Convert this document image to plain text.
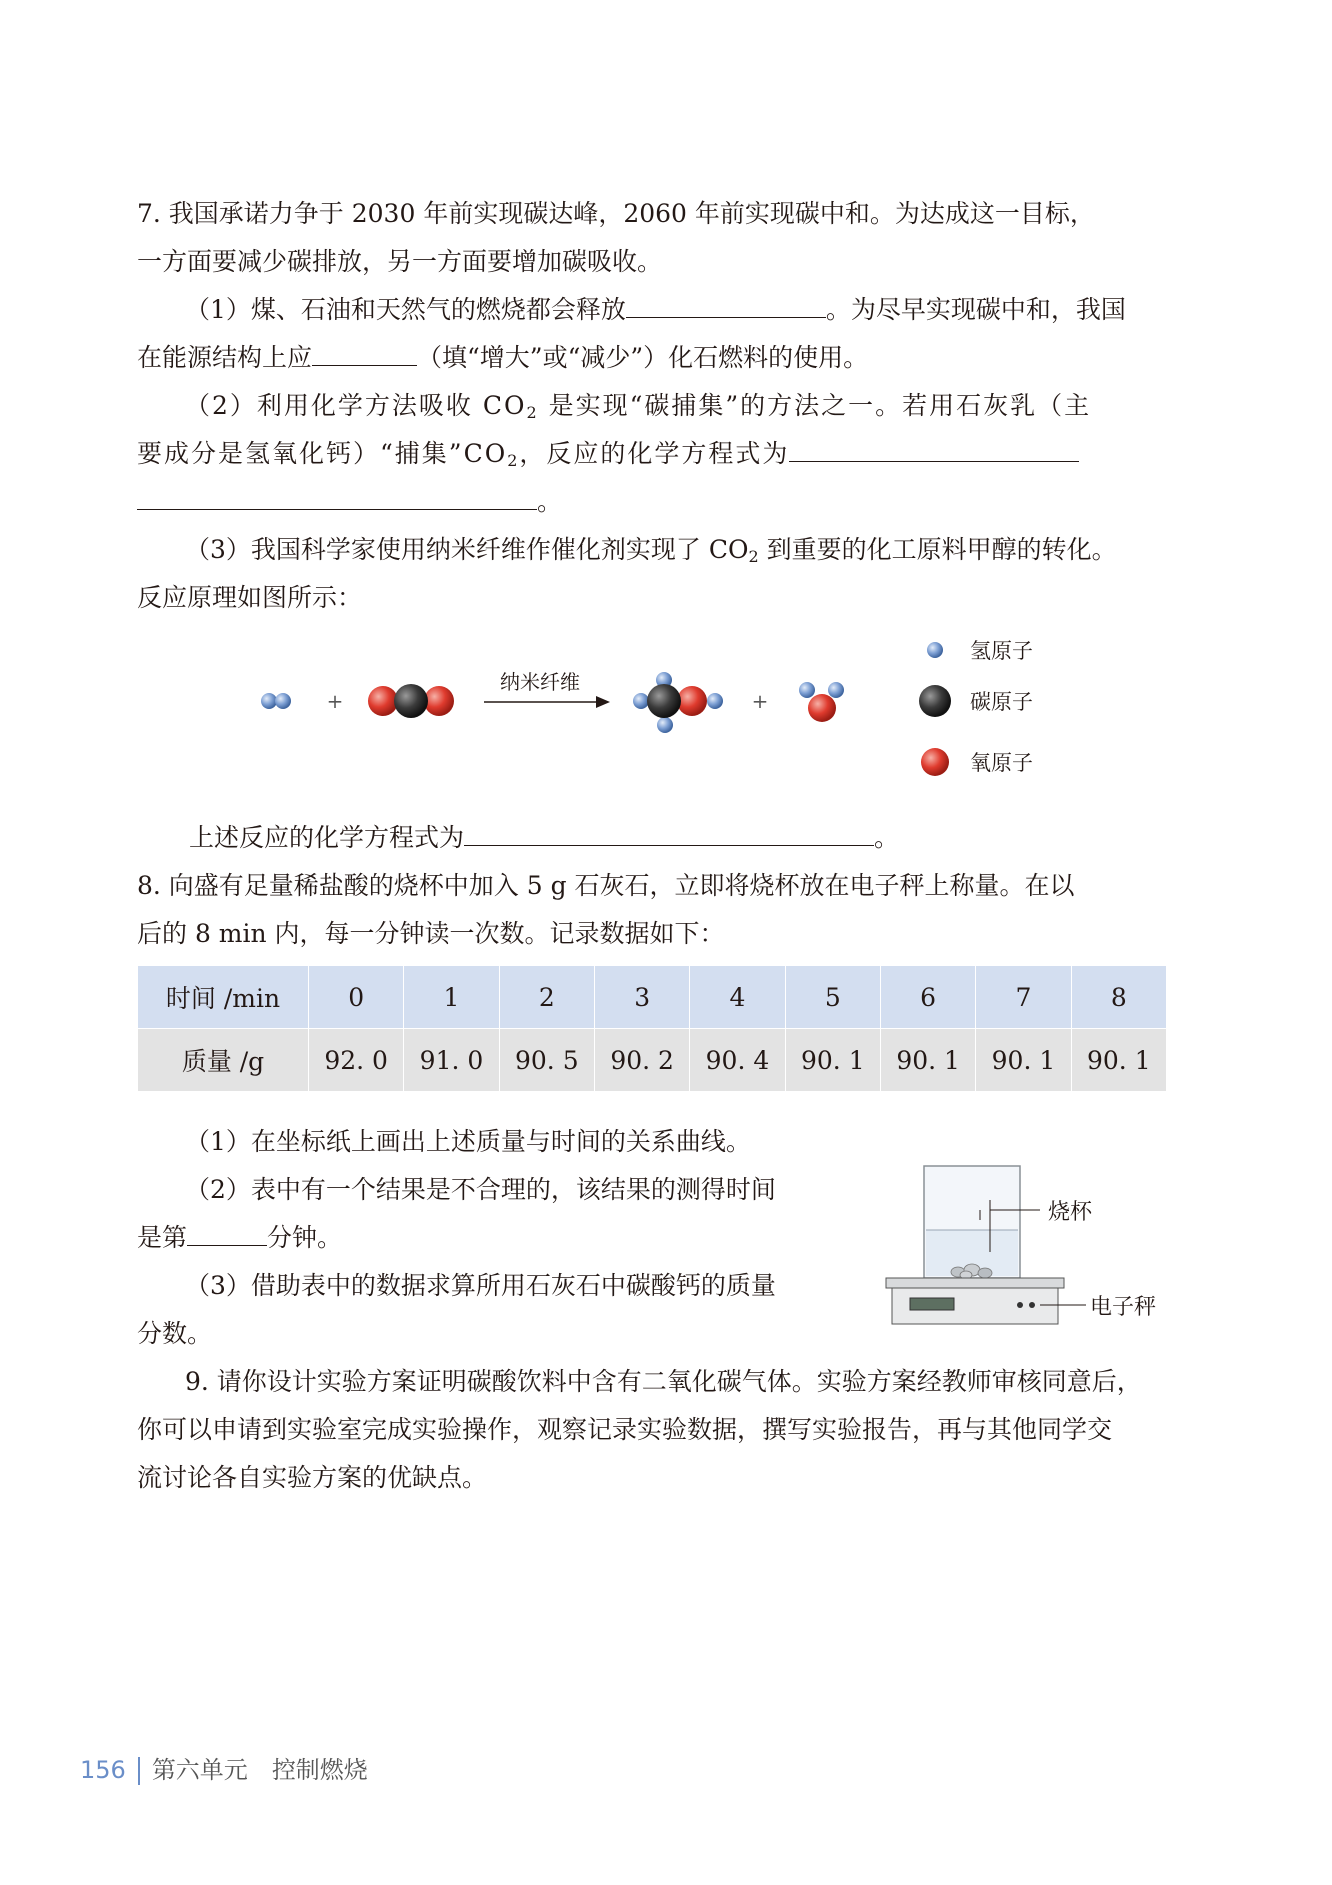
7. 我国承诺力争于 2030 年前实现碳达峰，2060 年前实现碳中和。为达成这一目标，
一方面要减少碳排放，另一方面要增加碳吸收。
（1）煤、石油和天然气的燃烧都会释放	。为尽早实现碳中和，我国
在能源结构上应	（填“增大”或“减少”）化石燃料的使用。
（2）利用化学方法吸收 $CO_2$ 是实现“碳捕集”的方法之一。若用石灰乳（主
要成分是氢氧化钙）“捕集$”CO_2$，反应的化学方程式为
。
（3）我国科学家使用纳米纤维作催化剂实现了 $CO_2$ 到重要的化工原料甲醇的转化。
反应原理如图所示：
+
纳米纤维
+
氢原子
碳原子
氧原子
上述反应的化学方程式为	。
8. 向盛有足量稀盐酸的烧杯中加入 5 g 石灰石，立即将烧杯放在电子秤上称量。在以
后的 8 min 内，每一分钟读一次数。记录数据如下：
时间 /min	0	1	2	3	4	5	6	7	8
质量 /g	92. 0	91. 0	90. 5	90. 2	90. 4	90. 1	90. 1	90. 1	90. 1
（1）在坐标纸上画出上述质量与时间的关系曲线。
（2）表中有一个结果是不合理的，该结果的测得时间
是第	分钟。
（3）借助表中的数据求算所用石灰石中碳酸钙的质量
分数。
烧杯
电子秤
9. 请你设计实验方案证明碳酸饮料中含有二氧化碳气体。实验方案经教师审核同意后，
你可以申请到实验室完成实验操作，观察记录实验数据，撰写实验报告，再与其他同学交
流讨论各自实验方案的优缺点。
156 第六单元 控制燃烧
